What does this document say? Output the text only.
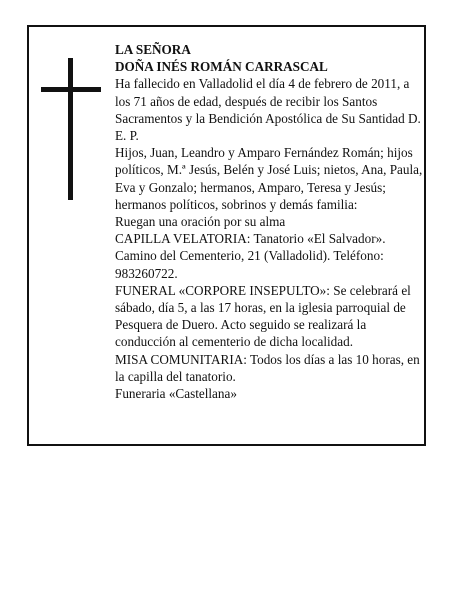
LA SEÑORA

DOÑA INÉS ROMÁN CARRASCAL

Ha fallecido en Valladolid el día 4 de febrero de 2011, a los 71 años de edad, después de recibir los Santos Sacramentos y la Bendición Apostólica de Su Santidad D. E. P.

Hijos, Juan, Leandro y Amparo Fernández Román; hijos políticos, M.ª Jesús, Belén y José Luis; nietos, Ana, Paula, Eva y Gonzalo; hermanos, Amparo, Teresa y Jesús; hermanos políticos, sobrinos y demás familia:

Ruegan una oración por su alma

CAPILLA VELATORIA: Tanatorio «El Salvador». Camino del Cementerio, 21 (Valladolid). Teléfono: 983260722.

FUNERAL «CORPORE INSEPULTO»: Se celebrará el sábado, día 5, a las 17 horas, en la iglesia parroquial de Pesquera de Duero. Acto seguido se realizará la conducción al cementerio de dicha localidad.

MISA COMUNITARIA: Todos los días a las 10 horas, en la capilla del tanatorio.

Funeraria «Castellana»
